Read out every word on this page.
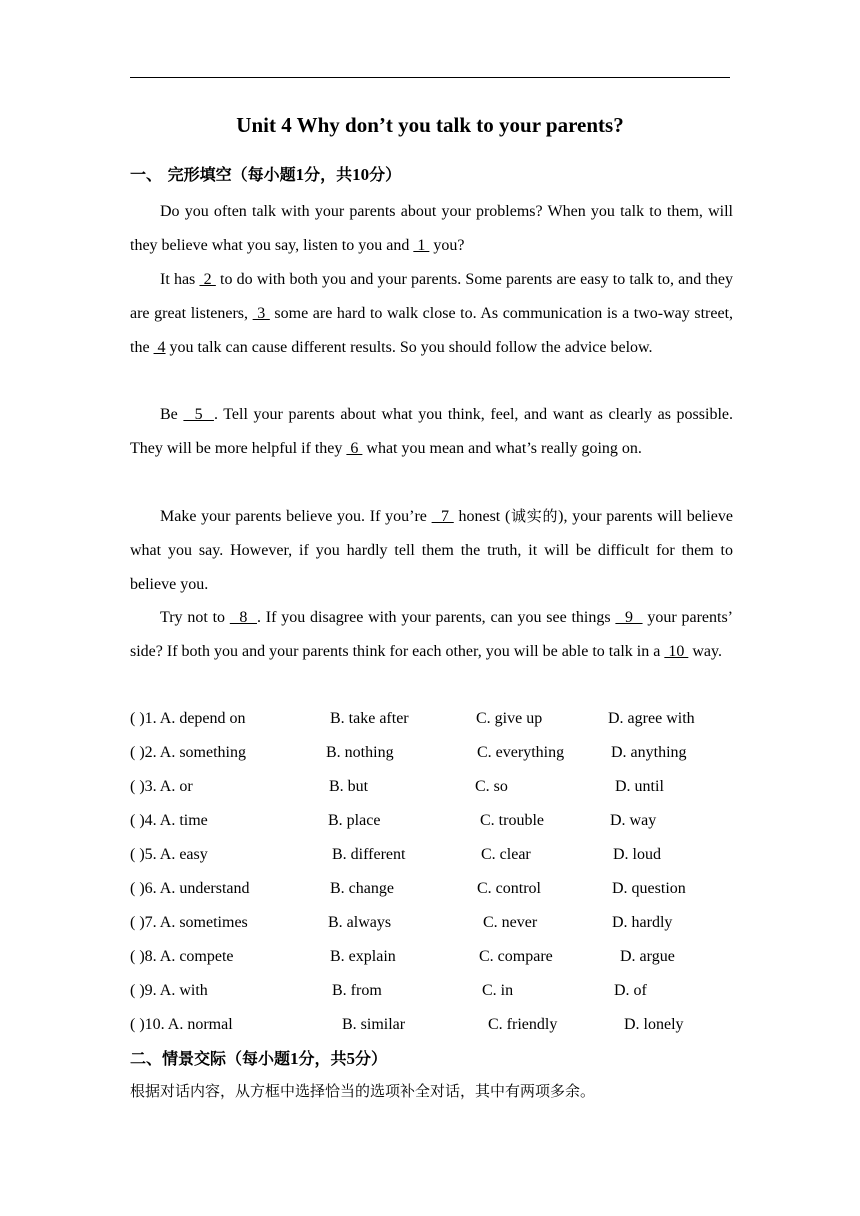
Unit 4 Why don’t you talk to your parents?
一、 完形填空（每小题1分，共10分）

Do you often talk with your parents about your problems? When you talk to them, will they believe what you say, listen to you and  1  you?

It has  2  to do with both you and your parents. Some parents are easy to talk to, and they are great listeners,  3  some are hard to walk close to. As communication is a two-way street, the  4 you talk can cause different results. So you should follow the advice below.

Be   5  . Tell your parents about what you think, feel, and want as clearly as possible. They will be more helpful if they  6  what you mean and what’s really going on.

Make your parents believe you. If you’re   7  honest (诚实的), your parents will believe what you say. However, if you hardly tell them the truth, it will be difficult for them to believe you.

Try not to   8  . If you disagree with your parents, can you see things   9   your parents’ side? If both you and your parents think for each other, you will be able to talk in a  10  way.

( )1. A. depend on	B. take after	C. give up	D. agree with
( )2. A. something	B. nothing	C. everything	D. anything
( )3. A. or	B. but	C. so	D. until
( )4. A. time	B. place	C. trouble	D. way
( )5. A. easy	B. different	C. clear	D. loud
( )6. A. understand	B. change	C. control	D. question
( )7. A. sometimes	B. always	C. never	D. hardly
( )8. A. compete	B. explain	C. compare	D. argue
( )9. A. with	B. from	C. in	D. of
( )10. A. normal	B. similar	C. friendly	D. lonely
二、情景交际（每小题1分，共5分）
根据对话内容，从方框中选择恰当的选项补全对话，其中有两项多余。
